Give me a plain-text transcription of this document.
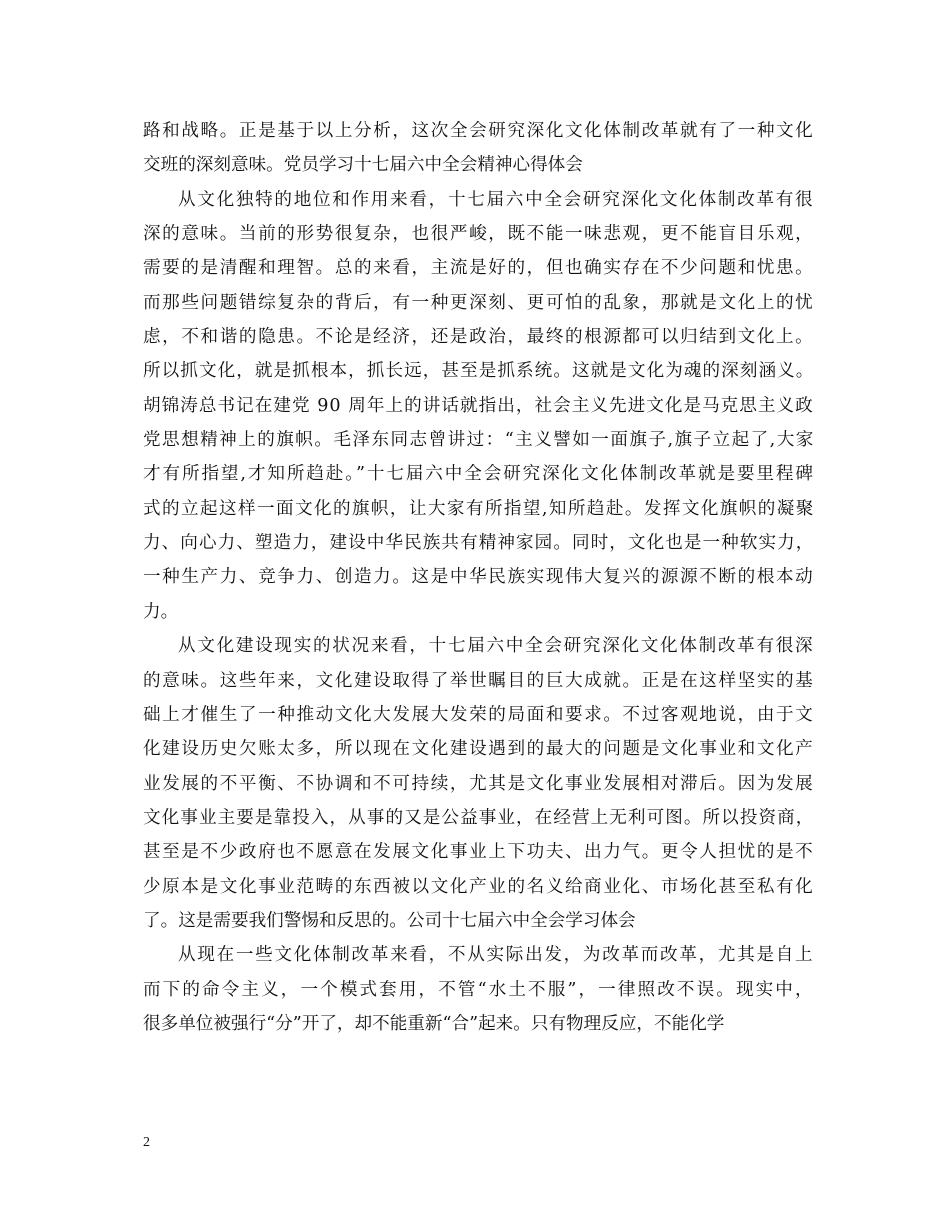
路和战略。正是基于以上分析，这次全会研究深化文化体制改革就有了一种文化
交班的深刻意味。党员学习十七届六中全会精神心得体会
从文化独特的地位和作用来看，十七届六中全会研究深化文化体制改革有很
深的意味。当前的形势很复杂，也很严峻，既不能一味悲观，更不能盲目乐观，
需要的是清醒和理智。总的来看，主流是好的，但也确实存在不少问题和忧患。
而那些问题错综复杂的背后，有一种更深刻、更可怕的乱象，那就是文化上的忧
虑，不和谐的隐患。不论是经济，还是政治，最终的根源都可以归结到文化上。
所以抓文化，就是抓根本，抓长远，甚至是抓系统。这就是文化为魂的深刻涵义。
胡锦涛总书记在建党 90 周年上的讲话就指出，社会主义先进文化是马克思主义政
党思想精神上的旗帜。毛泽东同志曾讲过：“主义譬如一面旗子,旗子立起了,大家
才有所指望,才知所趋赴。”十七届六中全会研究深化文化体制改革就是要里程碑
式的立起这样一面文化的旗帜，让大家有所指望,知所趋赴。发挥文化旗帜的凝聚
力、向心力、塑造力，建设中华民族共有精神家园。同时，文化也是一种软实力，
一种生产力、竞争力、创造力。这是中华民族实现伟大复兴的源源不断的根本动
力。
从文化建设现实的状况来看，十七届六中全会研究深化文化体制改革有很深
的意味。这些年来，文化建设取得了举世瞩目的巨大成就。正是在这样坚实的基
础上才催生了一种推动文化大发展大发荣的局面和要求。不过客观地说，由于文
化建设历史欠账太多，所以现在文化建设遇到的最大的问题是文化事业和文化产
业发展的不平衡、不协调和不可持续，尤其是文化事业发展相对滞后。因为发展
文化事业主要是靠投入，从事的又是公益事业，在经营上无利可图。所以投资商，
甚至是不少政府也不愿意在发展文化事业上下功夫、出力气。更令人担忧的是不
少原本是文化事业范畴的东西被以文化产业的名义给商业化、市场化甚至私有化
了。这是需要我们警惕和反思的。公司十七届六中全会学习体会
从现在一些文化体制改革来看，不从实际出发，为改革而改革，尤其是自上
而下的命令主义，一个模式套用，不管“水土不服”，一律照改不误。现实中，
很多单位被强行“分”开了，却不能重新“合”起来。只有物理反应，不能化学
2
